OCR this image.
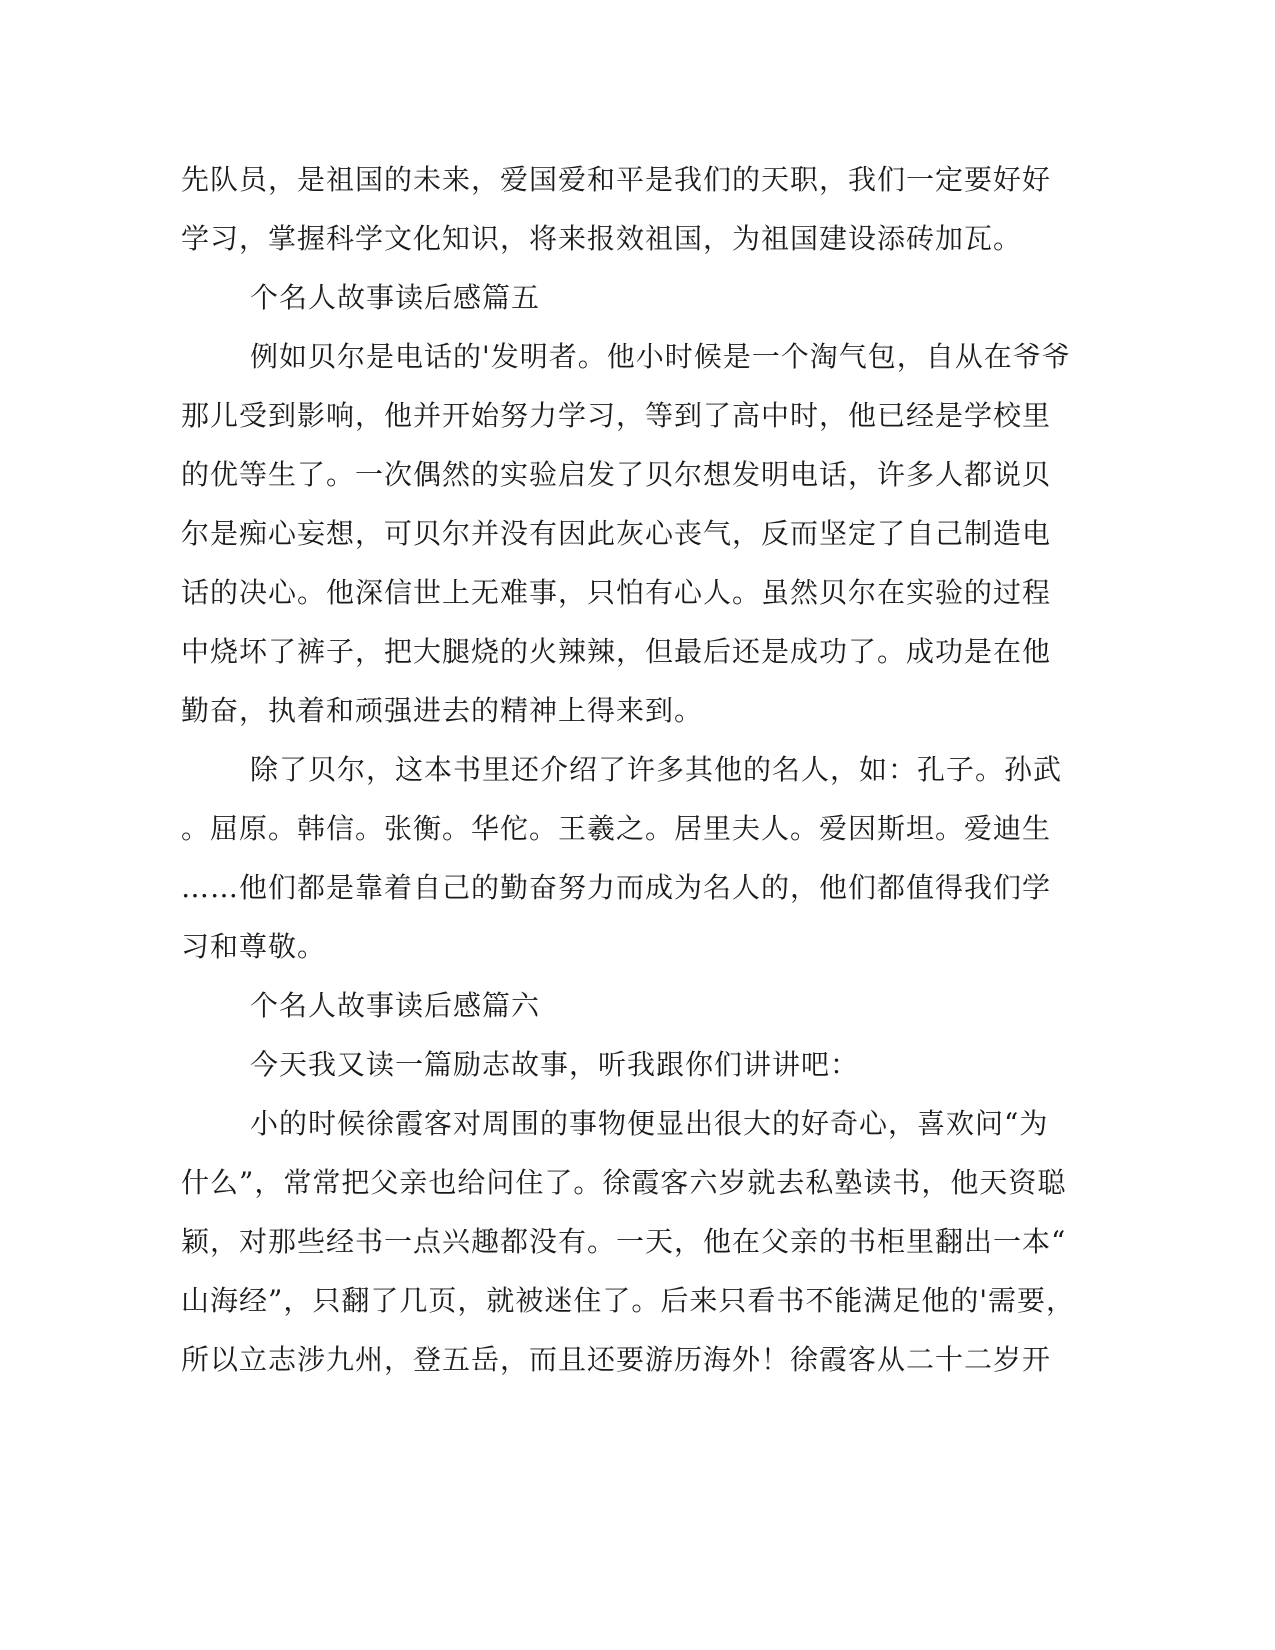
先队员，是祖国的未来，爱国爱和平是我们的天职，我们一定要好好
学习，掌握科学文化知识，将来报效祖国，为祖国建设添砖加瓦。
个名人故事读后感篇五
例如贝尔是电话的'发明者。他小时候是一个淘气包，自从在爷爷
那儿受到影响，他并开始努力学习，等到了高中时，他已经是学校里
的优等生了。一次偶然的实验启发了贝尔想发明电话，许多人都说贝
尔是痴心妄想，可贝尔并没有因此灰心丧气，反而坚定了自己制造电
话的决心。他深信世上无难事，只怕有心人。虽然贝尔在实验的过程
中烧坏了裤子，把大腿烧的火辣辣，但最后还是成功了。成功是在他
勤奋，执着和顽强进去的精神上得来到。
除了贝尔，这本书里还介绍了许多其他的名人，如：孔子。孙武
。屈原。韩信。张衡。华佗。王羲之。居里夫人。爱因斯坦。爱迪生
……他们都是靠着自己的勤奋努力而成为名人的，他们都值得我们学
习和尊敬。
个名人故事读后感篇六
今天我又读一篇励志故事，听我跟你们讲讲吧：
小的时候徐霞客对周围的事物便显出很大的好奇心，喜欢问“为
什么”，常常把父亲也给问住了。徐霞客六岁就去私塾读书，他天资聪
颖，对那些经书一点兴趣都没有。一天，他在父亲的书柜里翻出一本“
山海经”，只翻了几页，就被迷住了。后来只看书不能满足他的'需要，
所以立志涉九州，登五岳，而且还要游历海外！徐霞客从二十二岁开
